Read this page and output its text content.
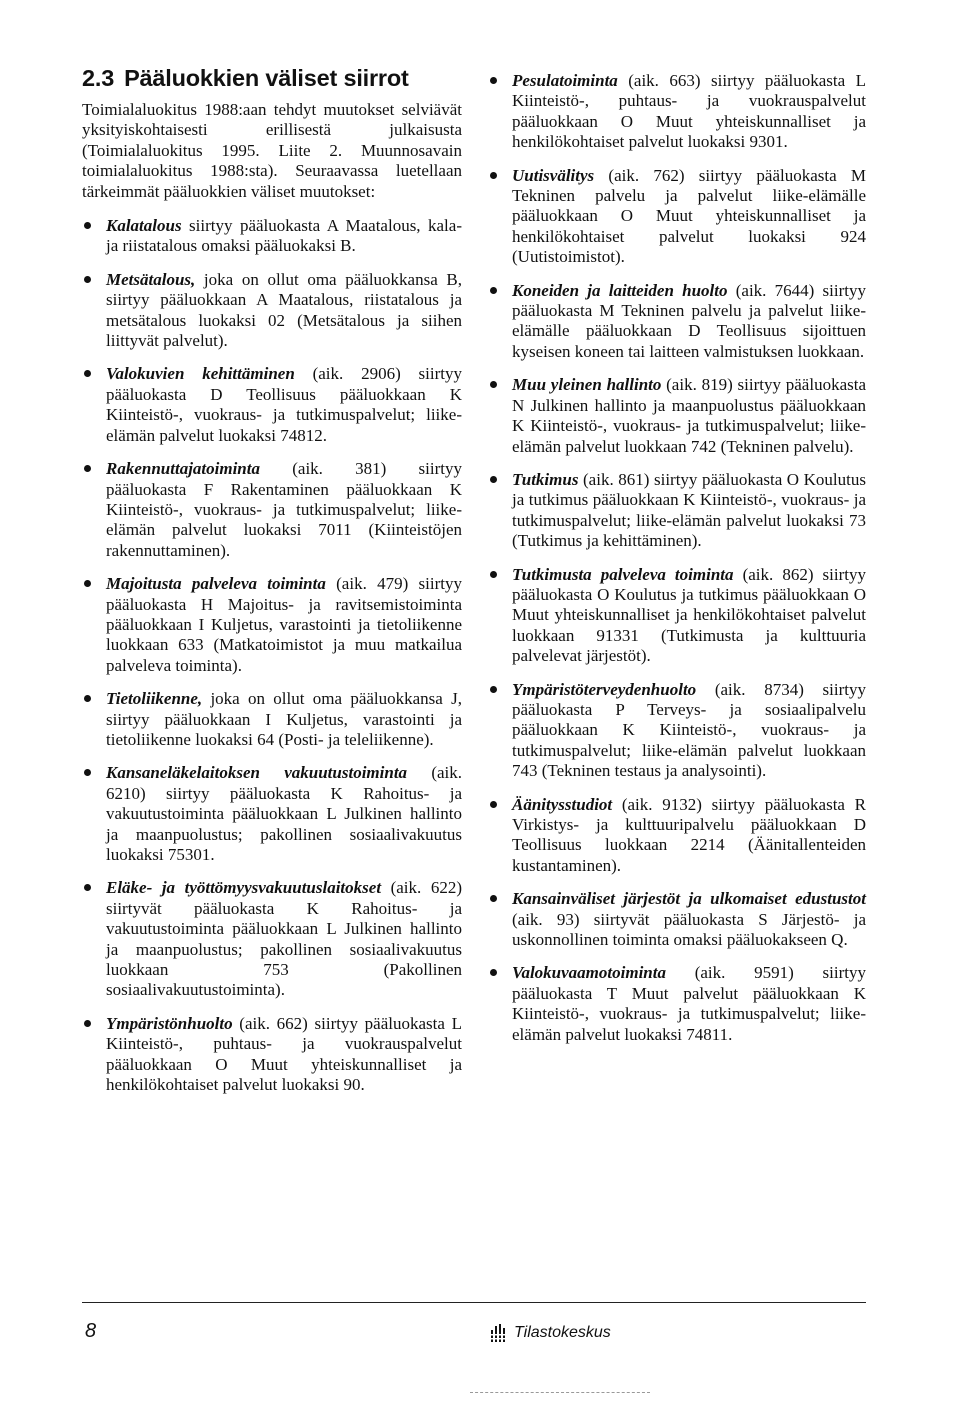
2.3 Pääluokkien väliset siirrot

Toimialaluokitus 1988:aan tehdyt muutokset selviävät yksityiskohtaisesti erillisestä julkaisusta (Toimialaluokitus 1995. Liite 2. Muunnosavain toimialaluokitus 1988:sta). Seuraavassa luetellaan tärkeimmät pääluokkien väliset muutokset:

Kalatalous siirtyy pääluokasta A Maatalous, kala- ja riistatalous omaksi pääluokaksi B.
Metsätalous, joka on ollut oma pääluokkansa B, siirtyy pääluokkaan A Maatalous, riistatalous ja metsätalous luokaksi 02 (Metsätalous ja siihen liittyvät palvelut).
Valokuvien kehittäminen (aik. 2906) siirtyy pääluokasta D Teollisuus pääluokkaan K Kiinteistö-, vuokraus- ja tutkimuspalvelut; liike-elämän palvelut luokaksi 74812.
Rakennuttajatoiminta (aik. 381) siirtyy pääluokasta F Rakentaminen pääluokkaan K Kiinteistö-, vuokraus- ja tutkimuspalvelut; liike-elämän palvelut luokaksi 7011 (Kiinteistöjen rakennuttaminen).
Majoitusta palveleva toiminta (aik. 479) siirtyy pääluokasta H Majoitus- ja ravitsemistoiminta pääluokkaan I Kuljetus, varastointi ja tietoliikenne luokkaan 633 (Matkatoimistot ja muu matkailua palveleva toiminta).
Tietoliikenne, joka on ollut oma pääluokkansa J, siirtyy pääluokkaan I Kuljetus, varastointi ja tietoliikenne luokaksi 64 (Posti- ja teleliikenne).
Kansaneläkelaitoksen vakuutustoiminta (aik. 6210) siirtyy pääluokasta K Rahoitus- ja vakuutustoiminta pääluokkaan L Julkinen hallinto ja maanpuolustus; pakollinen sosiaalivakuutus luokaksi 75301.
Eläke- ja työttömyysvakuutuslaitokset (aik. 622) siirtyvät pääluokasta K Rahoitus- ja vakuutustoiminta pääluokkaan L Julkinen hallinto ja maanpuolustus; pakollinen sosiaalivakuutus luokkaan 753 (Pakollinen sosiaalivakuutustoiminta).
Ympäristönhuolto (aik. 662) siirtyy pääluokasta L Kiinteistö-, puhtaus- ja vuokrauspalvelut pääluokkaan O Muut yhteiskunnalliset ja henkilökohtaiset palvelut luokaksi 90.
Pesulatoiminta (aik. 663) siirtyy pääluokasta L Kiinteistö-, puhtaus- ja vuokrauspalvelut pääluokkaan O Muut yhteiskunnalliset ja henkilökohtaiset palvelut luokaksi 9301.
Uutisvälitys (aik. 762) siirtyy pääluokasta M Tekninen palvelu ja palvelut liike-elämälle pääluokkaan O Muut yhteiskunnalliset ja henkilökohtaiset palvelut luokaksi 924 (Uutistoimistot).
Koneiden ja laitteiden huolto (aik. 7644) siirtyy pääluokasta M Tekninen palvelu ja palvelut liike-elämälle pääluokkaan D Teollisuus sijoittuen kyseisen koneen tai laitteen valmistuksen luokkaan.
Muu yleinen hallinto (aik. 819) siirtyy pääluokasta N Julkinen hallinto ja maanpuolustus pääluokkaan K Kiinteistö-, vuokraus- ja tutkimuspalvelut; liike-elämän palvelut luokkaan 742 (Tekninen palvelu).
Tutkimus (aik. 861) siirtyy pääluokasta O Koulutus ja tutkimus pääluokkaan K Kiinteistö-, vuokraus- ja tutkimuspalvelut; liike-elämän palvelut luokaksi 73 (Tutkimus ja kehittäminen).
Tutkimusta palveleva toiminta (aik. 862) siirtyy pääluokasta O Koulutus ja tutkimus pääluokkaan O Muut yhteiskunnalliset ja henkilökohtaiset palvelut luokkaan 91331 (Tutkimusta ja kulttuuria palvelevat järjestöt).
Ympäristöterveydenhuolto (aik. 8734) siirtyy pääluokasta P Terveys- ja sosiaalipalvelu pääluokkaan K Kiinteistö-, vuokraus- ja tutkimuspalvelut; liike-elämän palvelut luokkaan 743 (Tekninen testaus ja analysointi).
Äänitysstudiot (aik. 9132) siirtyy pääluokasta R Virkistys- ja kulttuuripalvelu pääluokkaan D Teollisuus luokkaan 2214 (Äänitallenteiden kustantaminen).
Kansainväliset järjestöt ja ulkomaiset edustustot (aik. 93) siirtyvät pääluokasta S Järjestö- ja uskonnollinen toiminta omaksi pääluokakseen Q.
Valokuvaamotoiminta (aik. 9591) siirtyy pääluokasta T Muut palvelut pääluokkaan K Kiinteistö-, vuokraus- ja tutkimuspalvelut; liike-elämän palvelut luokaksi 74811.
8	Tilastokeskus
